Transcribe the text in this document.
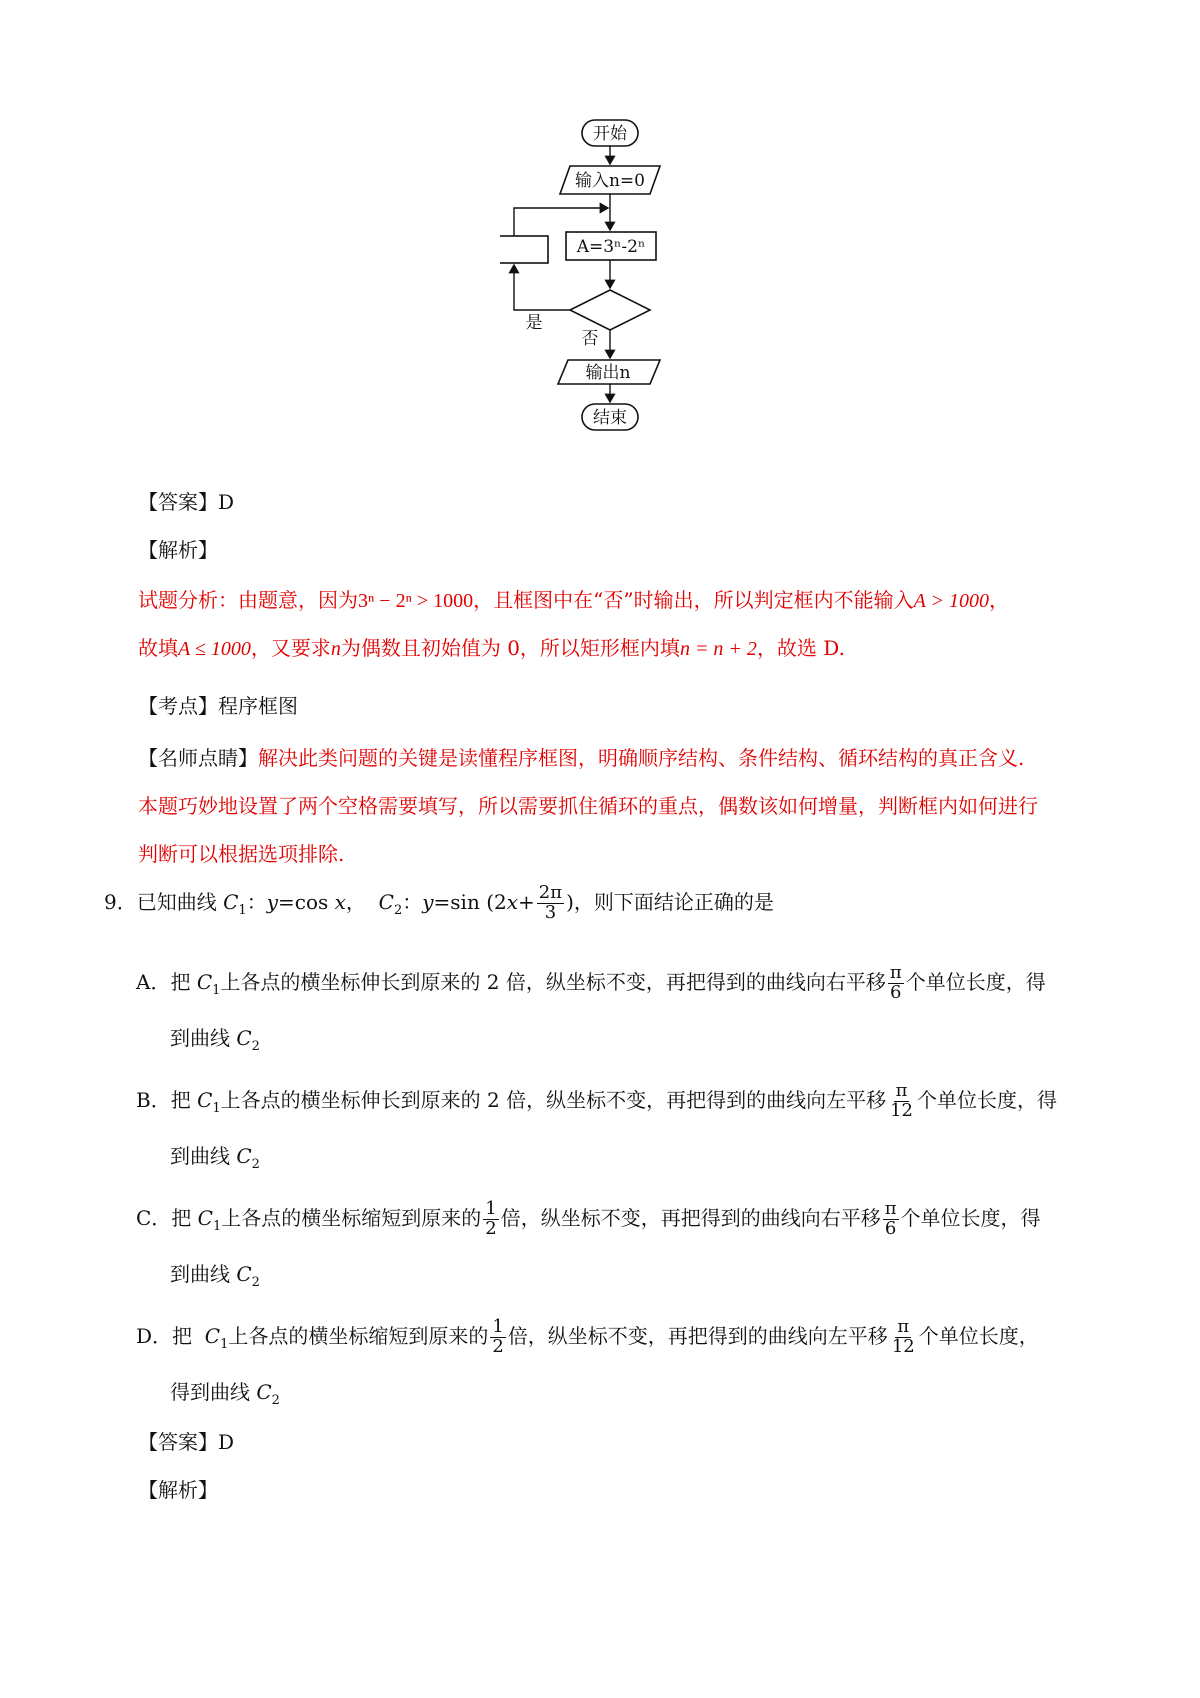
开始
输入n=0
A=3ⁿ-2ⁿ
是
否
输出n
结束
【答案】D
【解析】
试题分析：由题意，因为3ⁿ − 2ⁿ > 1000，且框图中在“否”时输出，所以判定框内不能输入A > 1000，
故填A ≤ 1000，又要求n为偶数且初始值为 0，所以矩形框内填n = n + 2，故选 D.
【考点】程序框图
【名师点睛】解决此类问题的关键是读懂程序框图，明确顺序结构、条件结构、循环结构的真正含义.
本题巧妙地设置了两个空格需要填写，所以需要抓住循环的重点，偶数该如何增量，判断框内如何进行
判断可以根据选项排除.
9．已知曲线 $C_1$：y=cos x， $C_2$：y=sin ($2x+ \frac{2\pi}{3}$ )，则下面结论正确的是
A．把 $C_1$上各点的横坐标伸长到原来的 2 倍，纵坐标不变，再把得到的曲线向右平移 $\frac{\pi}{6}$ 个单位长度，得
到曲线 $C_2$
B．把 $C_1$上各点的横坐标伸长到原来的 2 倍，纵坐标不变，再把得到的曲线向左平移 $\frac{\pi}{12}$ 个单位长度，得
到曲线 $C_2$
C．把 $C_1$上各点的横坐标缩短到原来的 $\frac{1}{2}$ 倍，纵坐标不变，再把得到的曲线向右平移 $\frac{\pi}{6}$ 个单位长度，得
到曲线 $C_2$
D．把 $C_1$上各点的横坐标缩短到原来的 $\frac{1}{2}$ 倍，纵坐标不变，再把得到的曲线向左平移 $\frac{\pi}{12}$ 个单位长度，
得到曲线 $C_2$
【答案】D
【解析】
